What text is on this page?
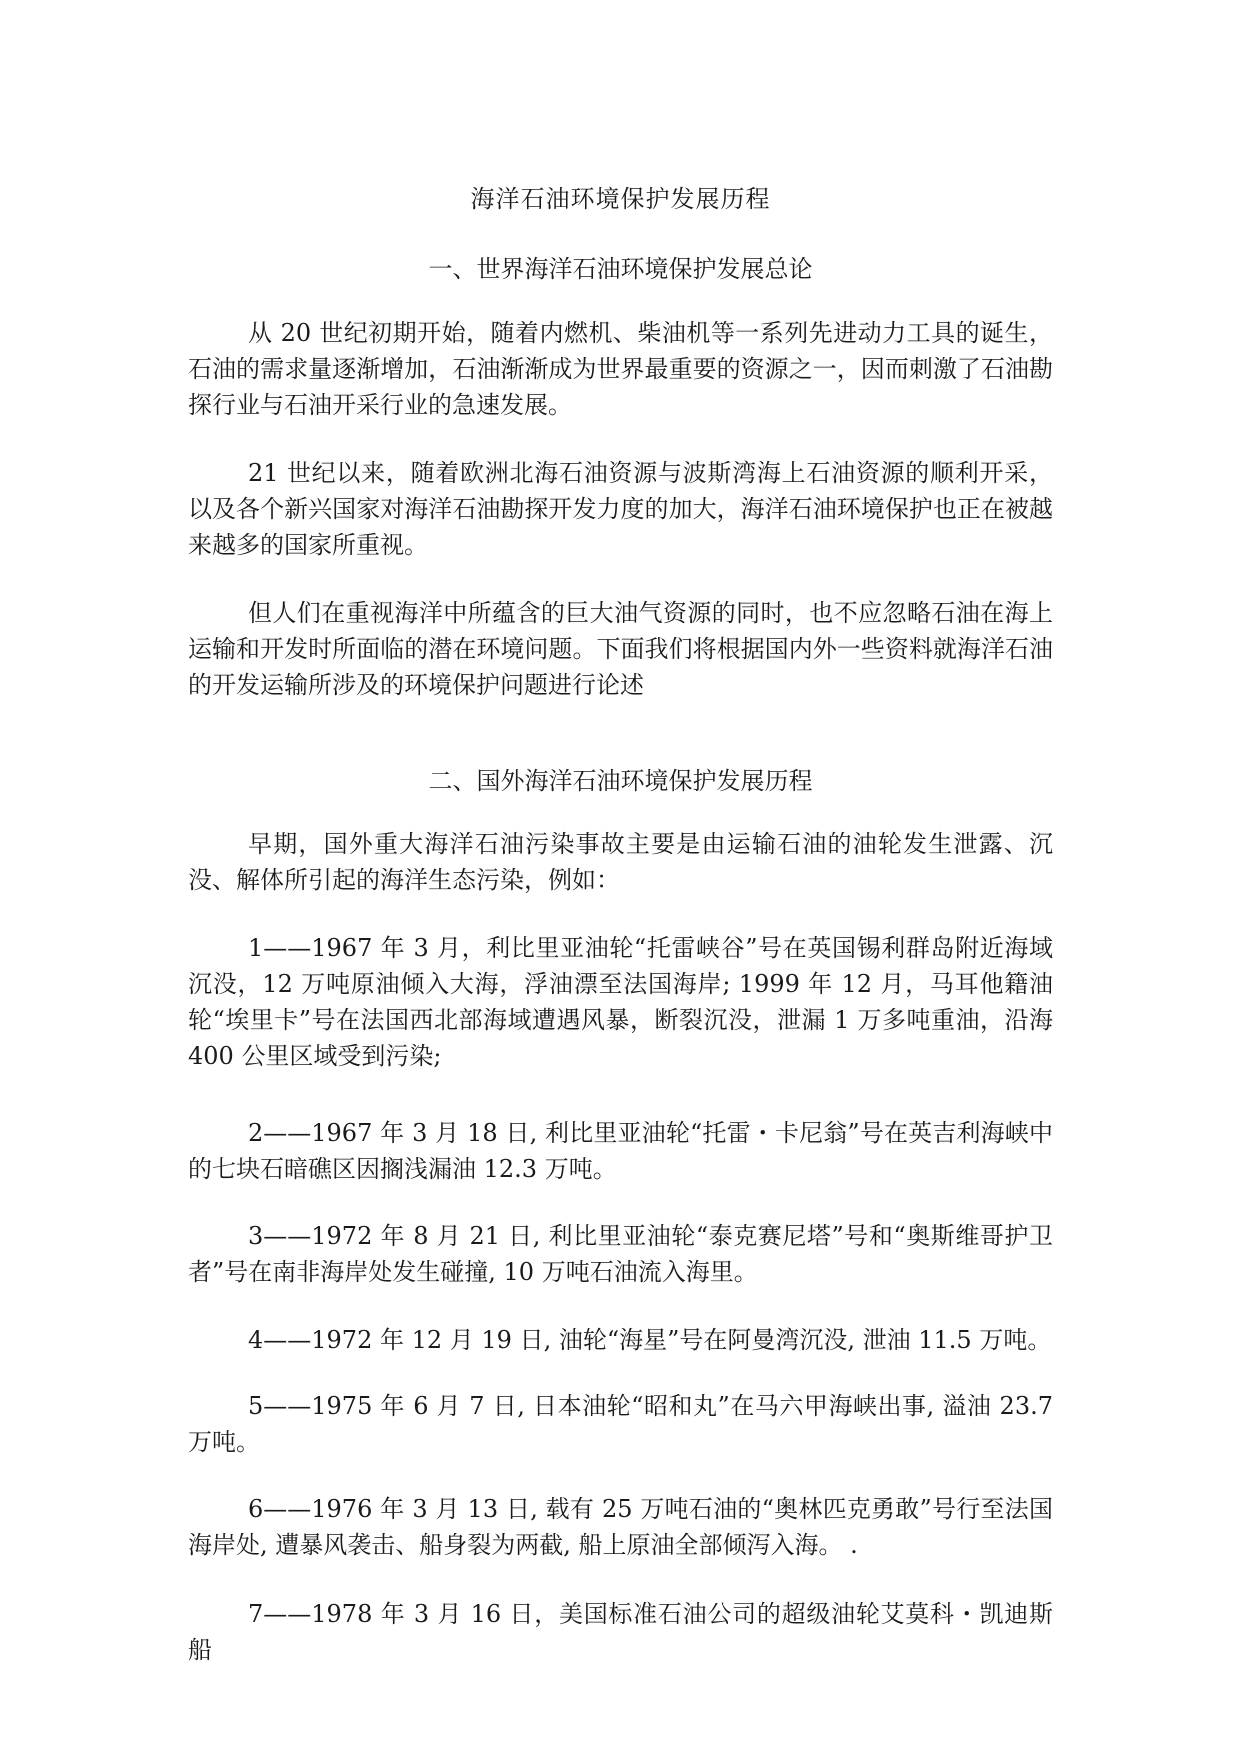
海洋石油环境保护发展历程
一、世界海洋石油环境保护发展总论

从 20 世纪初期开始，随着内燃机、柴油机等一系列先进动力工具的诞生，石油的需求量逐渐增加，石油渐渐成为世界最重要的资源之一，因而刺激了石油勘探行业与石油开采行业的急速发展。

21 世纪以来，随着欧洲北海石油资源与波斯湾海上石油资源的顺利开采，以及各个新兴国家对海洋石油勘探开发力度的加大，海洋石油环境保护也正在被越来越多的国家所重视。

但人们在重视海洋中所蕴含的巨大油气资源的同时，也不应忽略石油在海上运输和开发时所面临的潜在环境问题。下面我们将根据国内外一些资料就海洋石油的开发运输所涉及的环境保护问题进行论述

二、国外海洋石油环境保护发展历程

早期，国外重大海洋石油污染事故主要是由运输石油的油轮发生泄露、沉没、解体所引起的海洋生态污染，例如：

1——1967 年 3 月，利比里亚油轮“托雷峡谷”号在英国锡利群岛附近海域沉没，12 万吨原油倾入大海，浮油漂至法国海岸; 1999 年 12 月，马耳他籍油轮“埃里卡”号在法国西北部海域遭遇风暴，断裂沉没，泄漏 1 万多吨重油，沿海 400 公里区域受到污染;

2——1967 年 3 月 18 日, 利比里亚油轮“托雷・卡尼翁”号在英吉利海峡中的七块石暗礁区因搁浅漏油 12.3 万吨。

3——1972 年 8 月 21 日, 利比里亚油轮“泰克赛尼塔”号和“奥斯维哥护卫者”号在南非海岸处发生碰撞, 10 万吨石油流入海里。

4——1972 年 12 月 19 日, 油轮“海星”号在阿曼湾沉没, 泄油 11.5 万吨。

5——1975 年 6 月 7 日, 日本油轮“昭和丸”在马六甲海峡出事, 溢油 23.7 万吨。

6——1976 年 3 月 13 日, 载有 25 万吨石油的“奥林匹克勇敢”号行至法国海岸处, 遭暴风袭击、船身裂为两截, 船上原油全部倾泻入海。 .

7——1978 年 3 月 16 日，美国标准石油公司的超级油轮艾莫科・凯迪斯船
